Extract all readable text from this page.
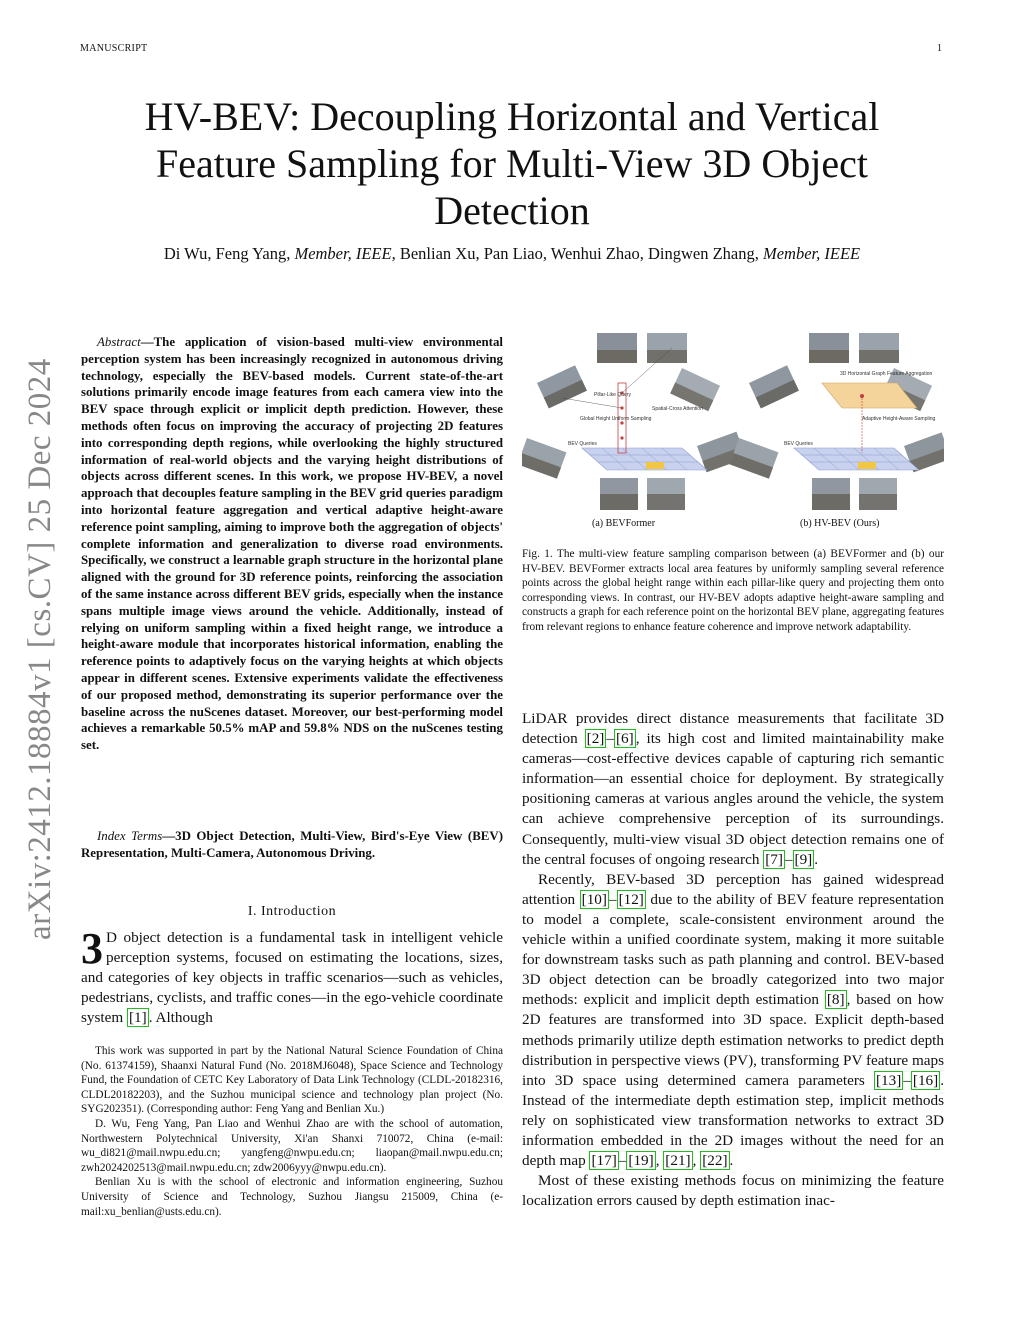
MANUSCRIPT	1
HV-BEV: Decoupling Horizontal and Vertical Feature Sampling for Multi-View 3D Object Detection
Di Wu, Feng Yang, Member, IEEE, Benlian Xu, Pan Liao, Wenhui Zhao, Dingwen Zhang, Member, IEEE
arXiv:2412.18884v1 [cs.CV] 25 Dec 2024
Abstract—The application of vision-based multi-view environmental perception system has been increasingly recognized in autonomous driving technology, especially the BEV-based models. Current state-of-the-art solutions primarily encode image features from each camera view into the BEV space through explicit or implicit depth prediction. However, these methods often focus on improving the accuracy of projecting 2D features into corresponding depth regions, while overlooking the highly structured information of real-world objects and the varying height distributions of objects across different scenes. In this work, we propose HV-BEV, a novel approach that decouples feature sampling in the BEV grid queries paradigm into horizontal feature aggregation and vertical adaptive height-aware reference point sampling, aiming to improve both the aggregation of objects' complete information and generalization to diverse road environments. Specifically, we construct a learnable graph structure in the horizontal plane aligned with the ground for 3D reference points, reinforcing the association of the same instance across different BEV grids, especially when the instance spans multiple image views around the vehicle. Additionally, instead of relying on uniform sampling within a fixed height range, we introduce a height-aware module that incorporates historical information, enabling the reference points to adaptively focus on the varying heights at which objects appear in different scenes. Extensive experiments validate the effectiveness of our proposed method, demonstrating its superior performance over the baseline across the nuScenes dataset. Moreover, our best-performing model achieves a remarkable 50.5% mAP and 59.8% NDS on the nuScenes testing set.
Index Terms—3D Object Detection, Multi-View, Bird's-Eye View (BEV) Representation, Multi-Camera, Autonomous Driving.
I. Introduction
3 D object detection is a fundamental task in intelligent vehicle perception systems, focused on estimating the locations, sizes, and categories of key objects in traffic scenarios—such as vehicles, pedestrians, cyclists, and traffic cones—in the ego-vehicle coordinate system [1] . Although

This work was supported in part by the National Natural Science Foundation of China (No. 61374159), Shaanxi Natural Fund (No. 2018MJ6048), Space Science and Technology Fund, the Foundation of CETC Key Laboratory of Data Link Technology (CLDL-20182316, CLDL20182203), and the Suzhou municipal science and technology plan project (No. SYG202351). (Corresponding author: Feng Yang and Benlian Xu.)

D. Wu, Feng Yang, Pan Liao and Wenhui Zhao are with the school of automation, Northwestern Polytechnical University, Xi'an Shanxi 710072, China (e-mail: wu_di821@mail.nwpu.edu.cn; yangfeng@nwpu.edu.cn; liaopan@mail.nwpu.edu.cn; zwh2024202513@mail.nwpu.edu.cn; zdw2006yyy@nwpu.edu.cn).

Benlian Xu is with the school of electronic and information engineering, Suzhou University of Science and Technology, Suzhou Jiangsu 215009, China (e-mail:xu_benlian@usts.edu.cn).

Pillar-Like Query
Global Height Uniform Sampling
Spatial-Cross Attention
BEV Queries
3D Horizontal Graph Feature Aggregation
Adaptive Height-Aware Sampling
BEV Queries
(a) BEVFormer	(b) HV-BEV (Ours)
Fig. 1. The multi-view feature sampling comparison between (a) BEVFormer and (b) our HV-BEV. BEVFormer extracts local area features by uniformly sampling several reference points across the global height range within each pillar-like query and projecting them onto corresponding views. In contrast, our HV-BEV adopts adaptive height-aware sampling and constructs a graph for each reference point on the horizontal BEV plane, aggregating features from relevant regions to enhance feature coherence and improve network adaptability.

LiDAR provides direct distance measurements that facilitate 3D detection [2] – [6] , its high cost and limited maintainability make cameras—cost-effective devices capable of capturing rich semantic information—an essential choice for deployment. By strategically positioning cameras at various angles around the vehicle, the system can achieve comprehensive perception of its surroundings. Consequently, multi-view visual 3D object detection remains one of the central focuses of ongoing research [7] – [9] .

Recently, BEV-based 3D perception has gained widespread attention [10] – [12] due to the ability of BEV feature representation to model a complete, scale-consistent environment around the vehicle within a unified coordinate system, making it more suitable for downstream tasks such as path planning and control. BEV-based 3D object detection can be broadly categorized into two major methods: explicit and implicit depth estimation [8] , based on how 2D features are transformed into 3D space. Explicit depth-based methods primarily utilize depth estimation networks to predict depth distribution in perspective views (PV), transforming PV feature maps into 3D space using determined camera parameters [13] – [16] . Instead of the intermediate depth estimation step, implicit methods rely on sophisticated view transformation networks to extract 3D information embedded in the 2D images without the need for an depth map [17] – [19] , [21] , [22] .

Most of these existing methods focus on minimizing the feature localization errors caused by depth estimation inac-
